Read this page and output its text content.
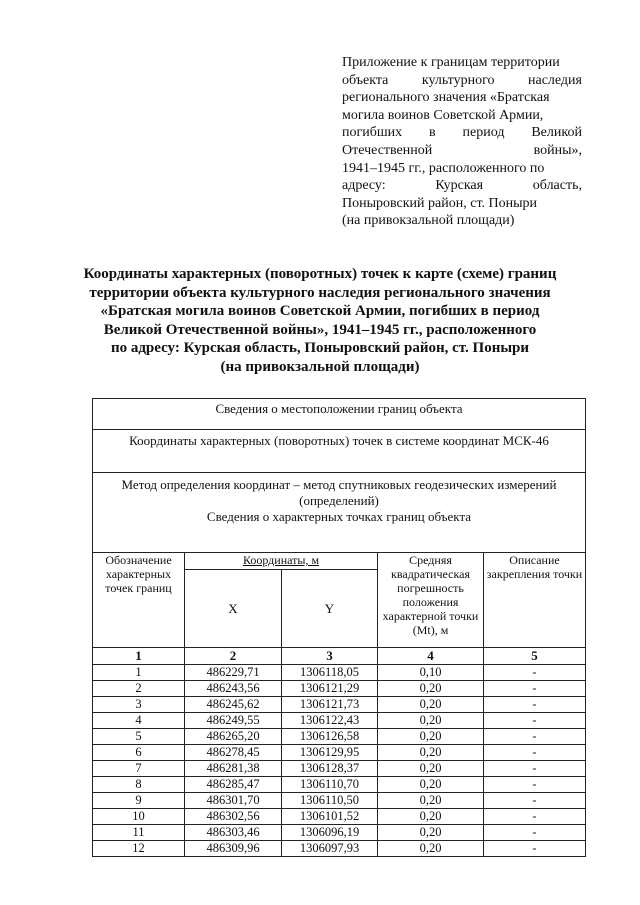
Приложение к границам территории
объекта культурного наследия
регионального значения «Братская
могила воинов Советской Армии,
погибших в период Великой
Отечественной	войны»,
1941–1945 гг., расположенного по
адресу:	Курская	область,
Поныровский район, ст. Поныри
(на привокзальной площади)
Координаты характерных (поворотных) точек к карте (схеме) границ
территории объекта культурного наследия регионального значения
«Братская могила воинов Советской Армии, погибших в период
Великой Отечественной войны», 1941–1945 гг., расположенного
по адресу: Курская область, Поныровский район, ст. Поныри
(на привокзальной площади)
Сведения о местоположении границ объекта				
Координаты характерных (поворотных) точек в системе координат МСК-46				

Метод определения координат – метод спутниковых геодезических измерений
(определений)
Сведения о характерных точках границ объекта				

Обозначение характерных точек границ	Координаты, м		Средняя квадратическая погрешность положения характерной точки (Mt), м	Описание закрепления точки
	X	Y		
1	2	3	4	5
1	486229,71	1306118,05	0,10	-
2	486243,56	1306121,29	0,20	-
3	486245,62	1306121,73	0,20	-
4	486249,55	1306122,43	0,20	-
5	486265,20	1306126,58	0,20	-
6	486278,45	1306129,95	0,20	-
7	486281,38	1306128,37	0,20	-
8	486285,47	1306110,70	0,20	-
9	486301,70	1306110,50	0,20	-
10	486302,56	1306101,52	0,20	-
11	486303,46	1306096,19	0,20	-
12	486309,96	1306097,93	0,20	-
